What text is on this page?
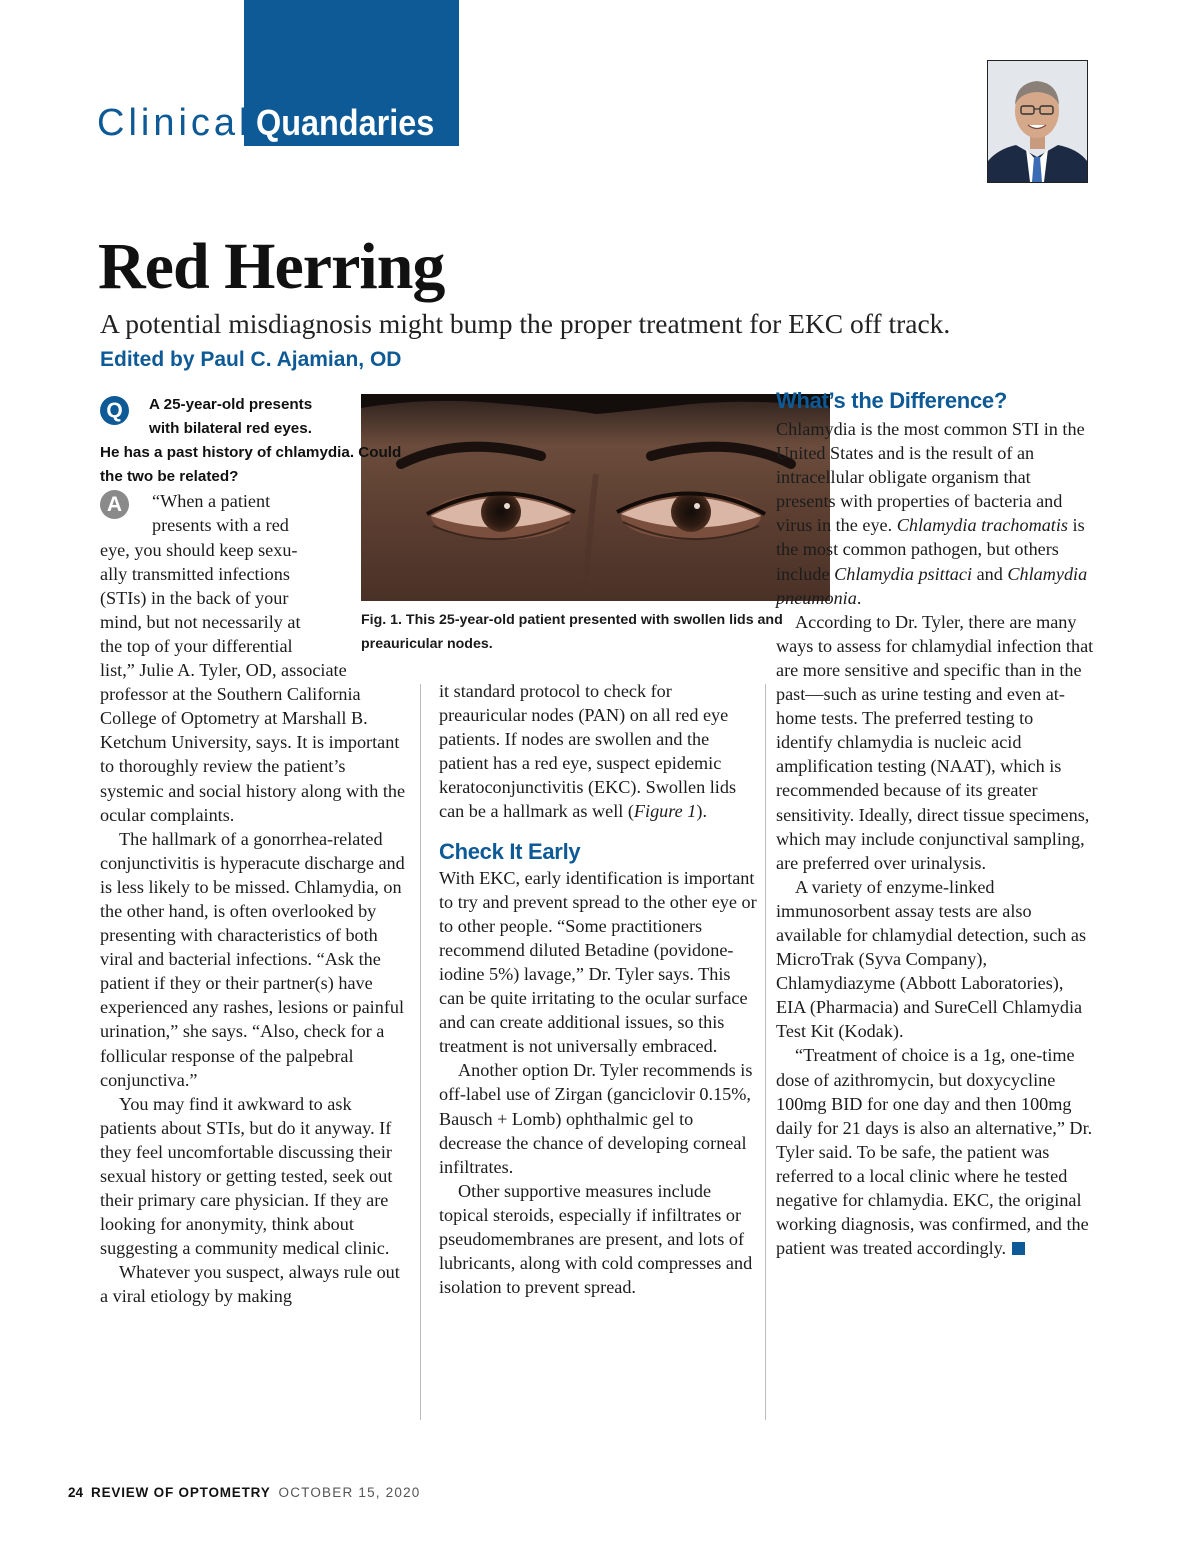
Clinical Quandaries
Red Herring
A potential misdiagnosis might bump the proper treatment for EKC off track.
Edited by Paul C. Ajamian, OD
Fig. 1. This 25-year-old patient presented with swollen lids and preauricular nodes.
Q	A 25-year-old presents
with bilateral red eyes.
He has a past history of chlamydia. Could the two be related?
A	“When a patient
presents with a red
eye, you should keep sexu-
ally transmitted infections
(STIs) in the back of your
mind, but not necessarily at
the top of your differential

list,” Julie A. Tyler, OD, associate professor at the Southern California College of Optometry at Marshall B. Ketchum University, says. It is important to thoroughly review the patient’s systemic and social history along with the ocular complaints.

The hallmark of a gonorrhea-related conjunctivitis is hyperacute discharge and is less likely to be missed. Chlamydia, on the other hand, is often overlooked by presenting with characteristics of both viral and bacterial infections. “Ask the patient if they or their partner(s) have experienced any rashes, lesions or painful urination,” she says. “Also, check for a follicular response of the palpebral conjunctiva.”

You may find it awkward to ask patients about STIs, but do it anyway. If they feel uncomfortable discussing their sexual history or getting tested, seek out their primary care physician. If they are looking for anonymity, think about suggesting a community medical clinic.

Whatever you suspect, always rule out a viral etiology by making

it standard protocol to check for preauricular nodes (PAN) on all red eye patients. If nodes are swollen and the patient has a red eye, suspect epidemic keratoconjunctivitis (EKC). Swollen lids can be a hallmark as well (Figure 1).

Check It Early

With EKC, early identification is important to try and prevent spread to the other eye or to other people. “Some practitioners recommend diluted Betadine (povidone-iodine 5%) lavage,” Dr. Tyler says. This can be quite irritating to the ocular surface and can create additional issues, so this treatment is not universally embraced.

Another option Dr. Tyler recommends is off-label use of Zirgan (ganciclovir 0.15%, Bausch + Lomb) ophthalmic gel to decrease the chance of developing corneal infiltrates.

Other supportive measures include topical steroids, especially if infiltrates or pseudomembranes are present, and lots of lubricants, along with cold compresses and isolation to prevent spread.

What’s the Difference?

Chlamydia is the most common STI in the United States and is the result of an intracellular obligate organism that presents with properties of bacteria and virus in the eye. Chlamydia trachomatis is the most common pathogen, but others include Chlamydia psittaci and Chlamydia pneumonia.

According to Dr. Tyler, there are many ways to assess for chlamydial infection that are more sensitive and specific than in the past—such as urine testing and even at-home tests. The preferred testing to identify chlamydia is nucleic acid amplification testing (NAAT), which is recommended because of its greater sensitivity. Ideally, direct tissue specimens, which may include conjunctival sampling, are preferred over urinalysis.

A variety of enzyme-linked immunosorbent assay tests are also available for chlamydial detection, such as MicroTrak (Syva Company), Chlamydiazyme (Abbott Laboratories), EIA (Pharmacia) and SureCell Chlamydia Test Kit (Kodak).

“Treatment of choice is a 1g, one-time dose of azithromycin, but doxycycline 100mg BID for one day and then 100mg daily for 21 days is also an alternative,” Dr. Tyler said. To be safe, the patient was referred to a local clinic where he tested negative for chlamydia. EKC, the original working diagnosis, was confirmed, and the patient was treated accordingly.

24 REVIEW OF OPTOMETRY OCTOBER 15, 2020
